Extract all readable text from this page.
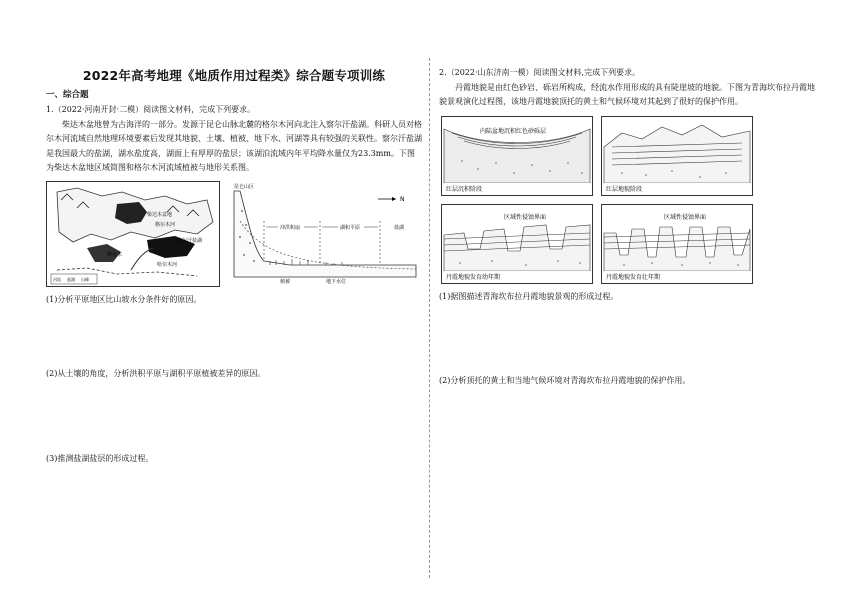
2022年高考地理《地质作用过程类》综合题专项训练
一、综合题

1.（2022·河南开封·二模）阅读图文材料，完成下列要求。

柴达木盆地曾为古海洋的一部分。发源于昆仑山脉北麓的格尔木河向北注入察尔汗盐湖。科研人员对格尔木河流域自然地理环境要素后发现其地貌、土壤、植被、地下水、河湖等具有较强的关联性。察尔汗盐湖是我国最大的盐湖，湖水盐度高，湖面上有厚厚的盐层；该湖泊流域内年平均降水量仅为23.3mm。下图为柴达木盆地区域简图和格尔木河流域植被与地形关系图。

柴达木盆地
格尔木河
察尔汗盐湖
哈尔木河
格尔木
河流 盐湖 山峰
昆仑山区
N
冲洪积扇	湖积平原	盐湖
植被	地下水位

(1)分析平原地区比山坡水分条件好的原因。

(2)从土壤的角度，分析洪积平原与湖积平原植被差异的原因。

(3)推测盐湖盐层的形成过程。

2.（2022·山东济南一模）阅读图文材料,完成下列要求。

丹霞地貌是由红色砂岩、砾岩所构成，经流水作用形成的具有陡崖坡的地貌。下图为青海坎布拉丹霞地貌景观演化过程图，该地丹霞地貌顶托的黄土和气候环境对其起到了很好的保护作用。

内陆盆地沉积红色砂砾层
红层沉积阶段	红层地貌阶段
区域性侵蚀界面
丹霞地貌发育幼年期
区域性侵蚀界面
丹霞地貌发育壮年期

(1)据图描述青海坎布拉丹霞地貌景观的形成过程。

(2)分析顶托的黄土和当地气候环境对青海坎布拉丹霞地貌的保护作用。
